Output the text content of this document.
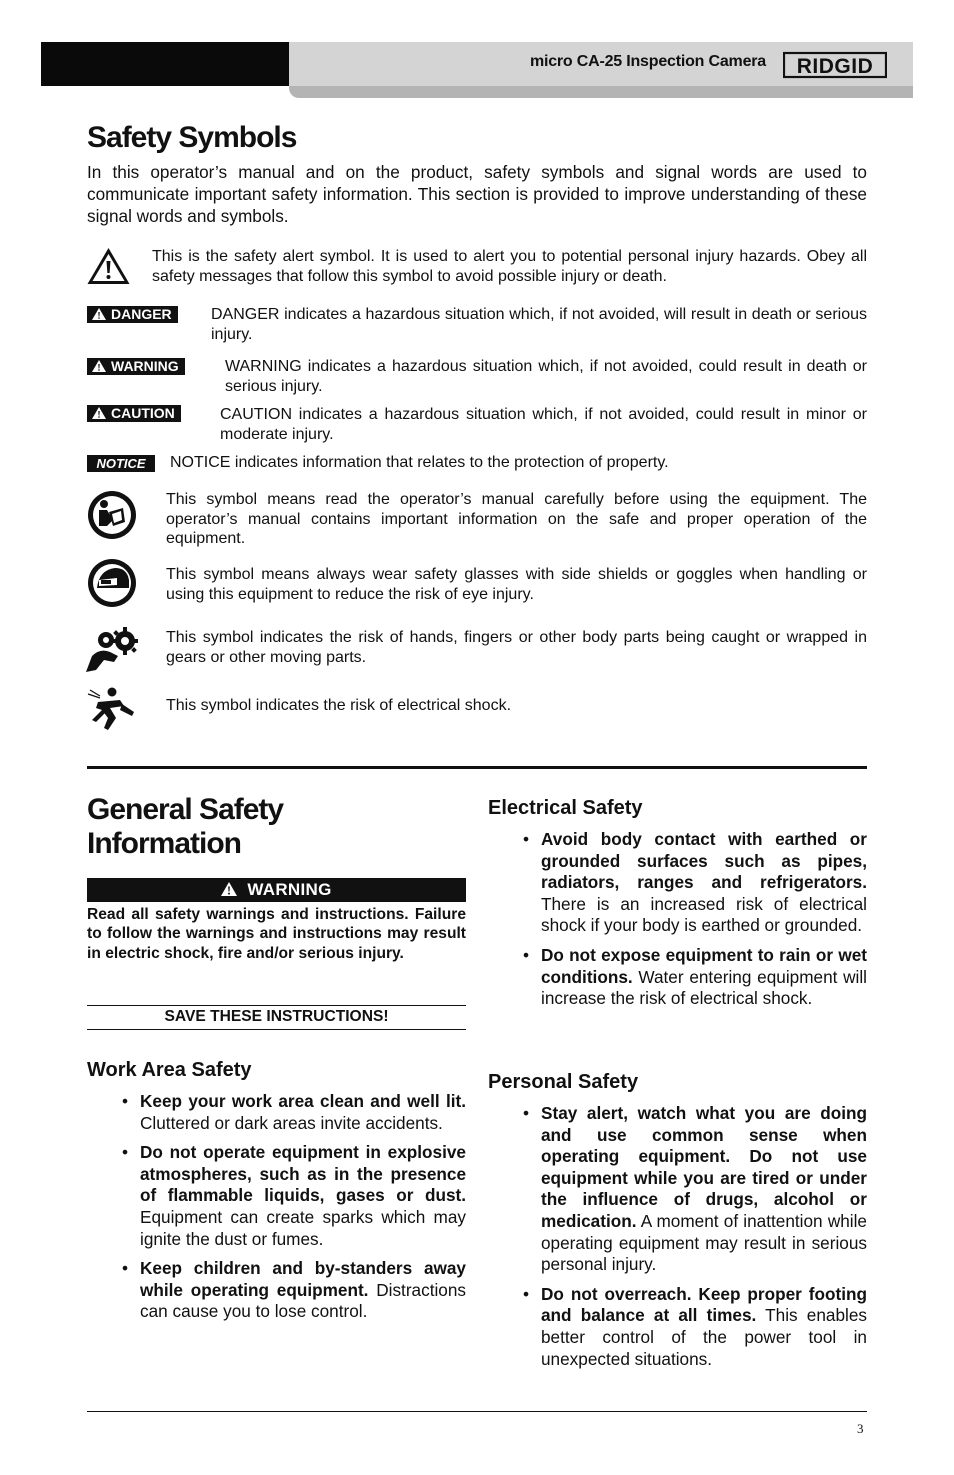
micro CA-25 Inspection Camera RIDGID
Safety Symbols
In this operator’s manual and on the product, safety symbols and signal words are used to communicate important safety information. This section is provided to improve understanding of these signal words and symbols.
This is the safety alert symbol. It is used to alert you to potential personal injury hazards. Obey all safety messages that follow this symbol to avoid possible injury or death.
DANGER	DANGER indicates a hazardous situation which, if not avoided, will result in death or serious injury.
WARNING	WARNING indicates a hazardous situation which, if not avoided, could result in death or serious injury.
CAUTION	CAUTION indicates a hazardous situation which, if not avoided, could result in minor or moderate injury.
NOTICE	NOTICE indicates information that relates to the protection of property.
This symbol means read the operator’s manual carefully before using the equipment. The operator’s manual contains important information on the safe and proper operation of the equipment.
This symbol means always wear safety glasses with side shields or goggles when handling or using this equipment to reduce the risk of eye injury.
This symbol indicates the risk of hands, fingers or other body parts being caught or wrapped in gears or other moving parts.
This symbol indicates the risk of electrical shock.
General Safety
Information
WARNING
Read all safety warnings and instructions. Failure to follow the warnings and instructions may result in electric shock, fire and/or serious injury.
SAVE THESE INSTRUCTIONS!
Work Area Safety
• Keep your work area clean and well lit. Cluttered or dark areas invite accidents.
• Do not operate equipment in explosive atmospheres, such as in the presence of flammable liquids, gases or dust. Equipment can create sparks which may ignite the dust or fumes.
• Keep children and by-standers away while operating equipment. Distractions can cause you to lose control.
Electrical Safety
• Avoid body contact with earthed or grounded surfaces such as pipes, radiators, ranges and refrigerators. There is an increased risk of electrical shock if your body is earthed or grounded.
• Do not expose equipment to rain or wet conditions. Water entering equipment will increase the risk of electrical shock.
Personal Safety
• Stay alert, watch what you are doing and use common sense when operating equipment. Do not use equipment while you are tired or under the influence of drugs, alcohol or medication. A moment of inattention while operating equipment may result in serious personal injury.
• Do not overreach. Keep proper footing and balance at all times. This enables better control of the power tool in unexpected situations.
3
